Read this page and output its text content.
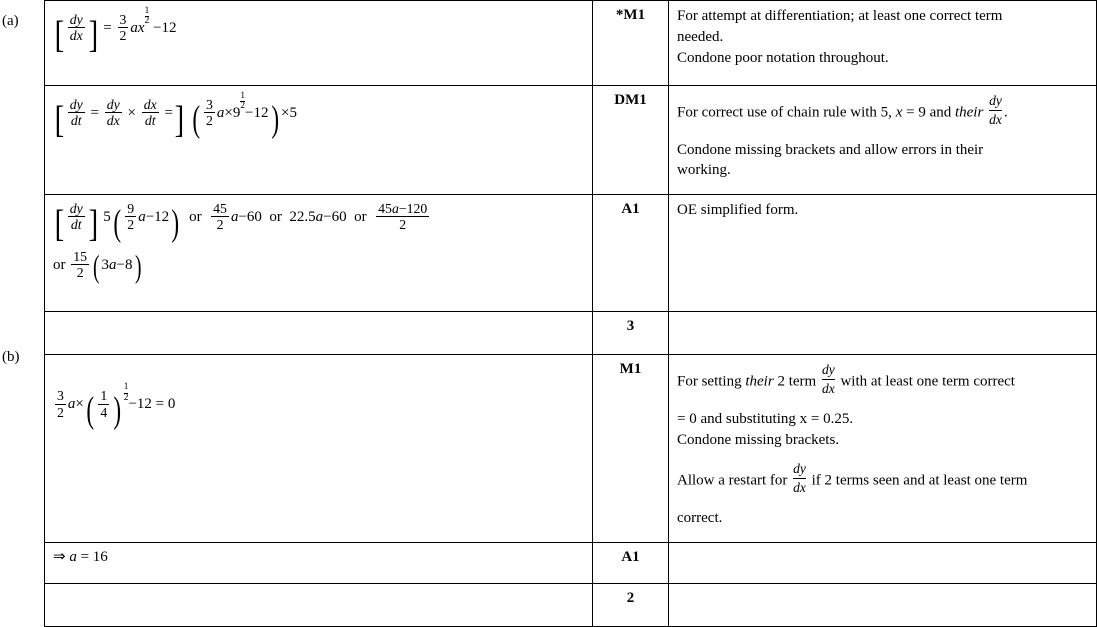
(a)
(b)
[ $\frac{dy}{dx}$ ] = $\frac{3}{2}$ ax
$\frac{1}{2}$
−12	*M1	For attempt at differentiation; at least one correct term

needed.

Condone poor notation throughout.

[ $\frac{dy}{dt} = \frac{dy}{dx} \times \frac{dx}{dt}$ =] ( $\frac{3}{2} a\times 9$
$\frac{1}{2}$
−12) ×5	DM1	

For correct use of chain rule with 5, x = 9 and their $\frac{dy}{dx}$ .

Condone missing brackets and allow errors in their

working.

[ $\frac{dy}{dt}$ ] $5( \frac{9}{2} a-12)$  or $\frac{45}{2} a-60$  or  22.5a−60  or $\frac{45a-120}{2}$
or $\frac{15}{2}$ ( 3a−8)
	A1	OE simplified form.

	3	

$\frac{3}{2} a\times( \frac{1}{4}$ ) $\frac{1}{2}$
−12 = 0	M1	

For setting their 2 term $\frac{dy}{dx}$ with at least one term correct

= 0 and substituting x = 0.25.

Condone missing brackets.

Allow a restart for $\frac{dy}{dx}$ if 2 terms seen and at least one term

correct.

⇒ a = 16	A1	
	2	
